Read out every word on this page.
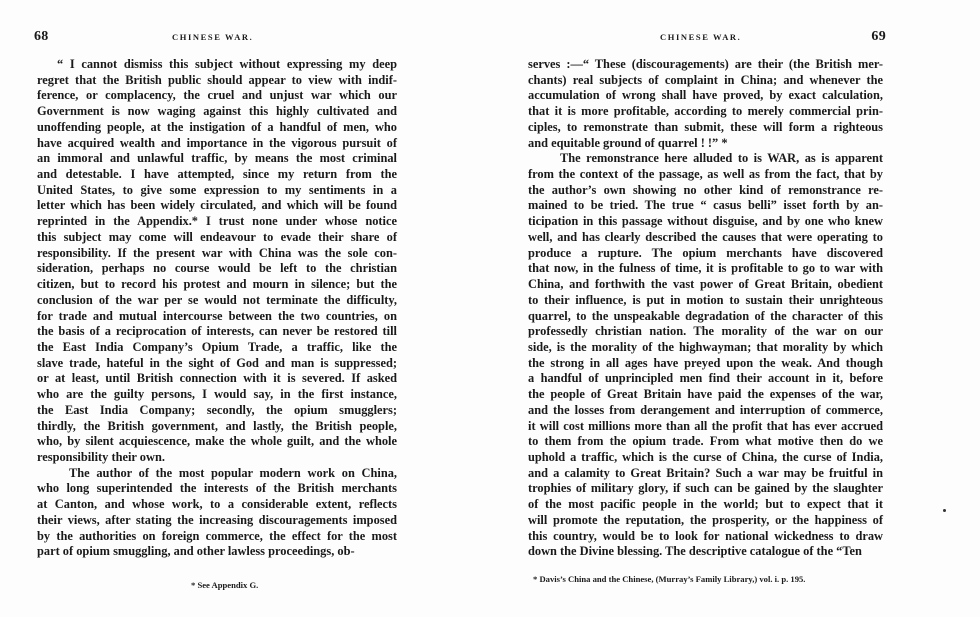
68	CHINESE WAR.
“ I cannot dismiss this subject without expressing my deep
regret that the British public should appear to view with indif-
ference, or complacency, the cruel and unjust war which our
Government is now waging against this highly cultivated and
unoffending people, at the instigation of a handful of men, who
have acquired wealth and importance in the vigorous pursuit of
an immoral and unlawful traffic, by means the most criminal
and detestable. I have attempted, since my return from the
United States, to give some expression to my sentiments in a
letter which has been widely circulated, and which will be found
reprinted in the Appendix.* I trust none under whose notice
this subject may come will endeavour to evade their share of
responsibility. If the present war with China was the sole con-
sideration, perhaps no course would be left to the christian
citizen, but to record his protest and mourn in silence; but the
conclusion of the war per se would not terminate the difficulty,
for trade and mutual intercourse between the two countries, on
the basis of a reciprocation of interests, can never be restored till
the East India Company’s Opium Trade, a traffic, like the
slave trade, hateful in the sight of God and man is suppressed;
or at least, until British connection with it is severed. If asked
who are the guilty persons, I would say, in the first instance,
the East India Company; secondly, the opium smugglers;
thirdly, the British government, and lastly, the British people,
who, by silent acquiescence, make the whole guilt, and the whole
responsibility their own.
The author of the most popular modern work on China,
who long superintended the interests of the British merchants
at Canton, and whose work, to a considerable extent, reflects
their views, after stating the increasing discouragements imposed
by the authorities on foreign commerce, the effect for the most
part of opium smuggling, and other lawless proceedings, ob-
* See Appendix G.
69
CHINESE WAR.
serves :—“ These (discouragements) are their (the British mer-
chants) real subjects of complaint in China; and whenever the
accumulation of wrong shall have proved, by exact calculation,
that it is more profitable, according to merely commercial prin-
ciples, to remonstrate than submit, these will form a righteous
and equitable ground of quarrel ! !” *
The remonstrance here alluded to is WAR, as is apparent
from the context of the passage, as well as from the fact, that by
the author’s own showing no other kind of remonstrance re-
mained to be tried. The true “ casus belli” isset forth by an-
ticipation in this passage without disguise, and by one who knew
well, and has clearly described the causes that were operating to
produce a rupture. The opium merchants have discovered
that now, in the fulness of time, it is profitable to go to war with
China, and forthwith the vast power of Great Britain, obedient
to their influence, is put in motion to sustain their unrighteous
quarrel, to the unspeakable degradation of the character of this
professedly christian nation. The morality of the war on our
side, is the morality of the highwayman; that morality by which
the strong in all ages have preyed upon the weak. And though
a handful of unprincipled men find their account in it, before
the people of Great Britain have paid the expenses of the war,
and the losses from derangement and interruption of commerce,
it will cost millions more than all the profit that has ever accrued
to them from the opium trade. From what motive then do we
uphold a traffic, which is the curse of China, the curse of India,
and a calamity to Great Britain? Such a war may be fruitful in
trophies of military glory, if such can be gained by the slaughter
of the most pacific people in the world; but to expect that it
will promote the reputation, the prosperity, or the happiness of
this country, would be to look for national wickedness to draw
down the Divine blessing. The descriptive catalogue of the “Ten
* Davis’s China and the Chinese, (Murray’s Family Library,) vol. i. p. 195.
